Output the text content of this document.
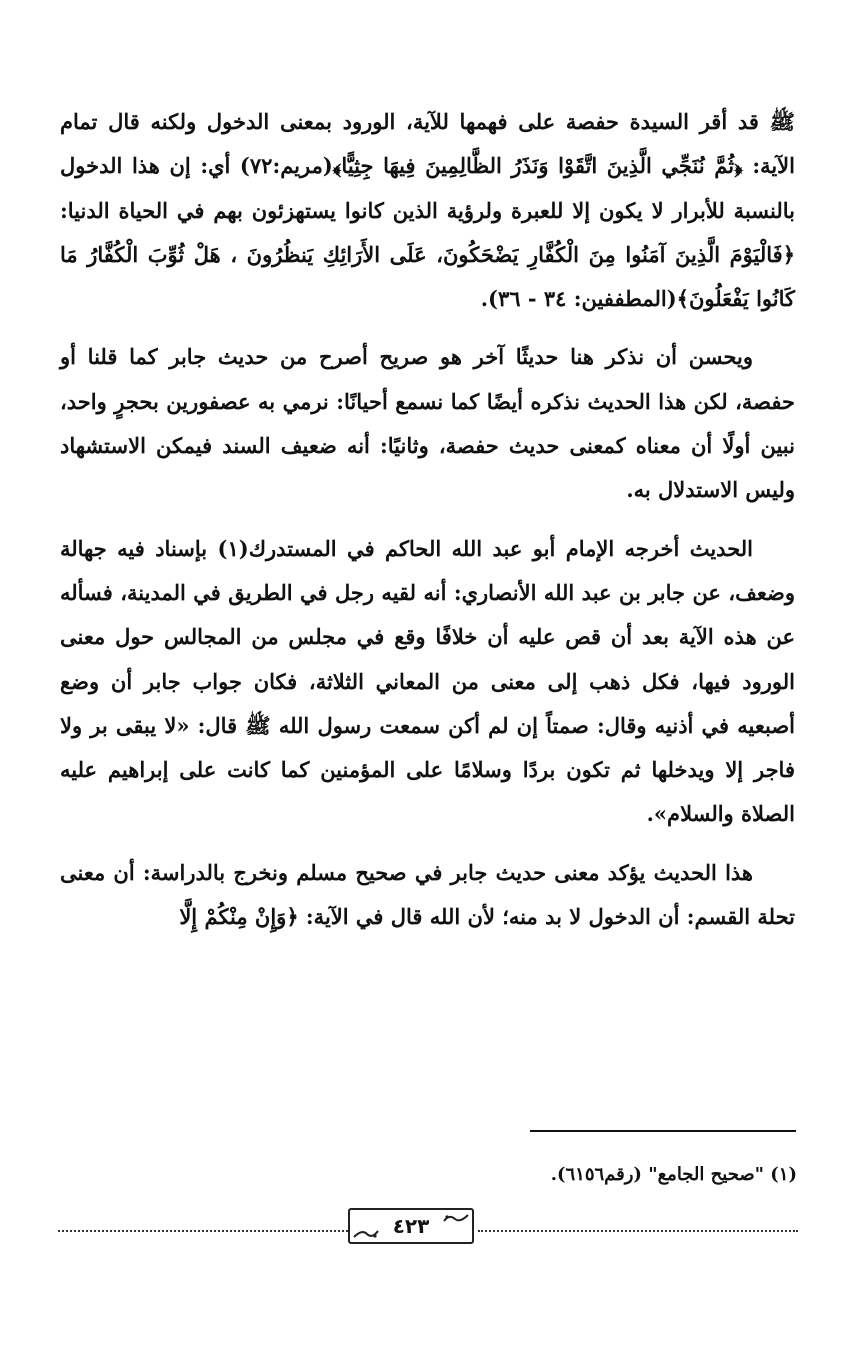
ﷺ قد أقر السيدة حفصة على فهمها للآية، الورود بمعنى الدخول ولكنه قال تمام الآية: ﴿ثُمَّ نُنَجِّي الَّذِينَ اتَّقَوْا وَنَذَرُ الظَّالِمِينَ فِيهَا جِثِيًّا﴾(مريم:٧٢) أي: إن هذا الدخول بالنسبة للأبرار لا يكون إلا للعبرة ولرؤية الذين كانوا يستهزئون بهم في الحياة الدنيا: ﴿فَالْيَوْمَ الَّذِينَ آمَنُوا مِنَ الْكُفَّارِ يَضْحَكُونَ، عَلَى الأَرَائِكِ يَنظُرُونَ ، هَلْ ثُوِّبَ الْكُفَّارُ مَا كَانُوا يَفْعَلُونَ﴾(المطففين: ٣٤ - ٣٦).

ويحسن أن نذكر هنا حديثًا آخر هو صريح أصرح من حديث جابر كما قلنا أو حفصة، لكن هذا الحديث نذكره أيضًا كما نسمع أحيانًا: نرمي به عصفورين بحجرٍ واحد، نبين أولًا أن معناه كمعنى حديث حفصة، وثانيًا: أنه ضعيف السند فيمكن الاستشهاد وليس الاستدلال به.

الحديث أخرجه الإمام أبو عبد الله الحاكم في المستدرك(١) بإسناد فيه جهالة وضعف، عن جابر بن عبد الله الأنصاري: أنه لقيه رجل في الطريق في المدينة، فسأله عن هذه الآية بعد أن قص عليه أن خلافًا وقع في مجلس من المجالس حول معنى الورود فيها، فكل ذهب إلى معنى من المعاني الثلاثة، فكان جواب جابر أن وضع أصبعيه في أذنيه وقال: صمتاً إن لم أكن سمعت رسول الله ﷺ قال: «لا يبقى بر ولا فاجر إلا ويدخلها ثم تكون بردًا وسلامًا على المؤمنين كما كانت على إبراهيم عليه الصلاة والسلام».

هذا الحديث يؤكد معنى حديث جابر في صحيح مسلم ونخرج بالدراسة: أن معنى تحلة القسم: أن الدخول لا بد منه؛ لأن الله قال في الآية: ﴿وَإِنْ مِنْكُمْ إِلَّا

(١) "صحيح الجامع" (رقم٦١٥٦).
٤٢٣
